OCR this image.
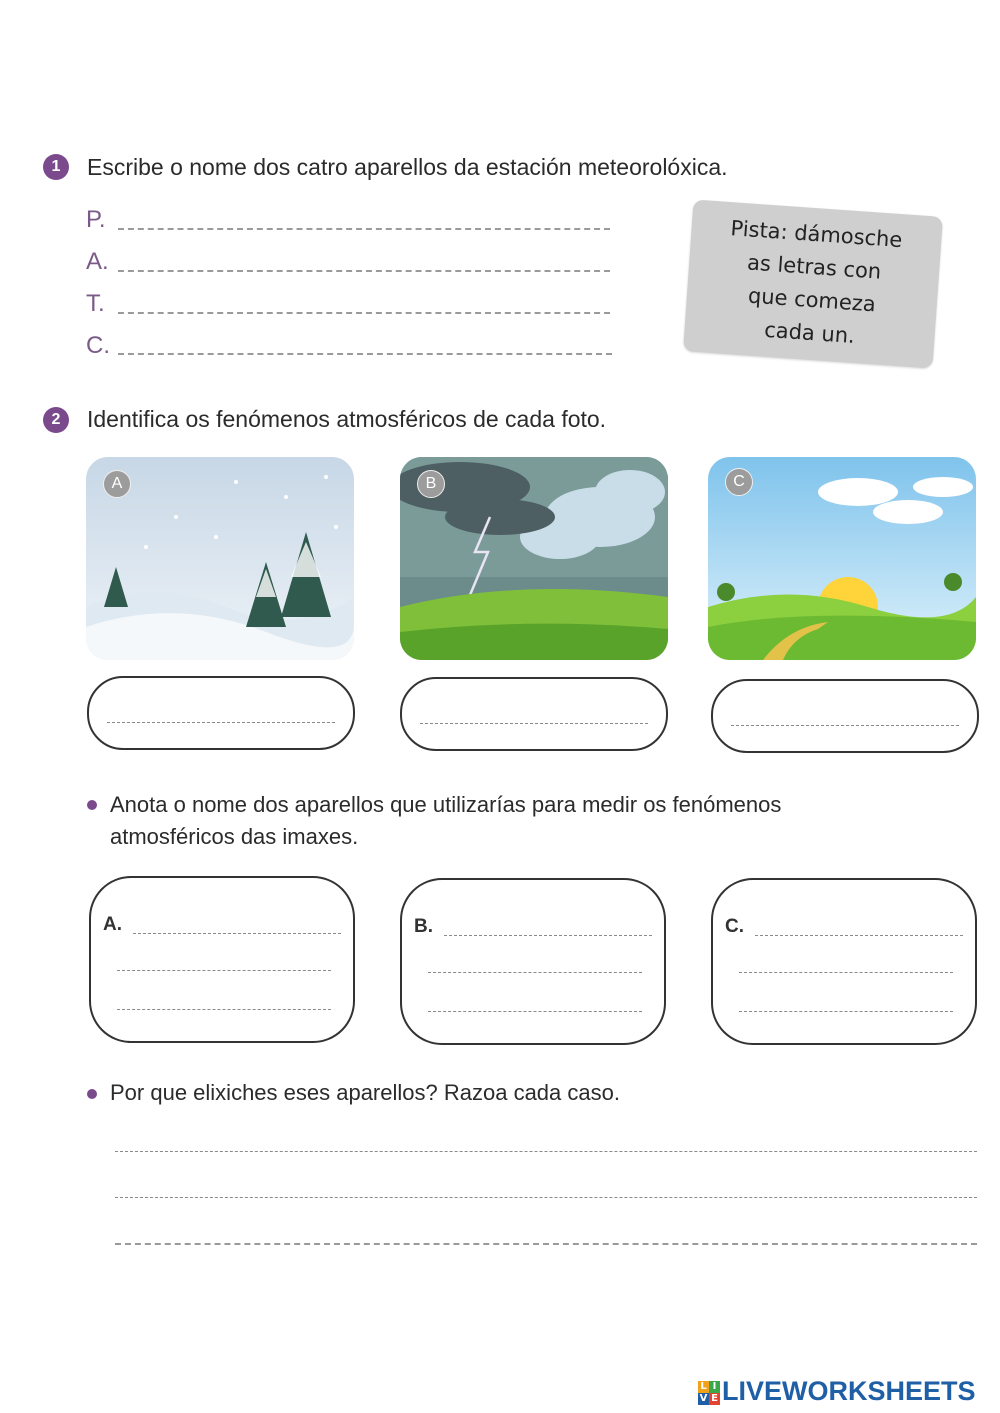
1	Escribe o nome dos catro aparellos da estación meteorolóxica.
P.
A.
T.
C.
Pista: dámosche
as letras con
que comeza
cada un.
2	Identifica os fenómenos atmosféricos de cada foto.
A	B	C
Anota o nome dos aparellos que utilizarías para medir os fenómenos
atmosféricos das imaxes.
A.	B.	C.
Por que elixiches eses aparellos? Razoa cada caso.
L I
V E LIVEWORKSHEETS
